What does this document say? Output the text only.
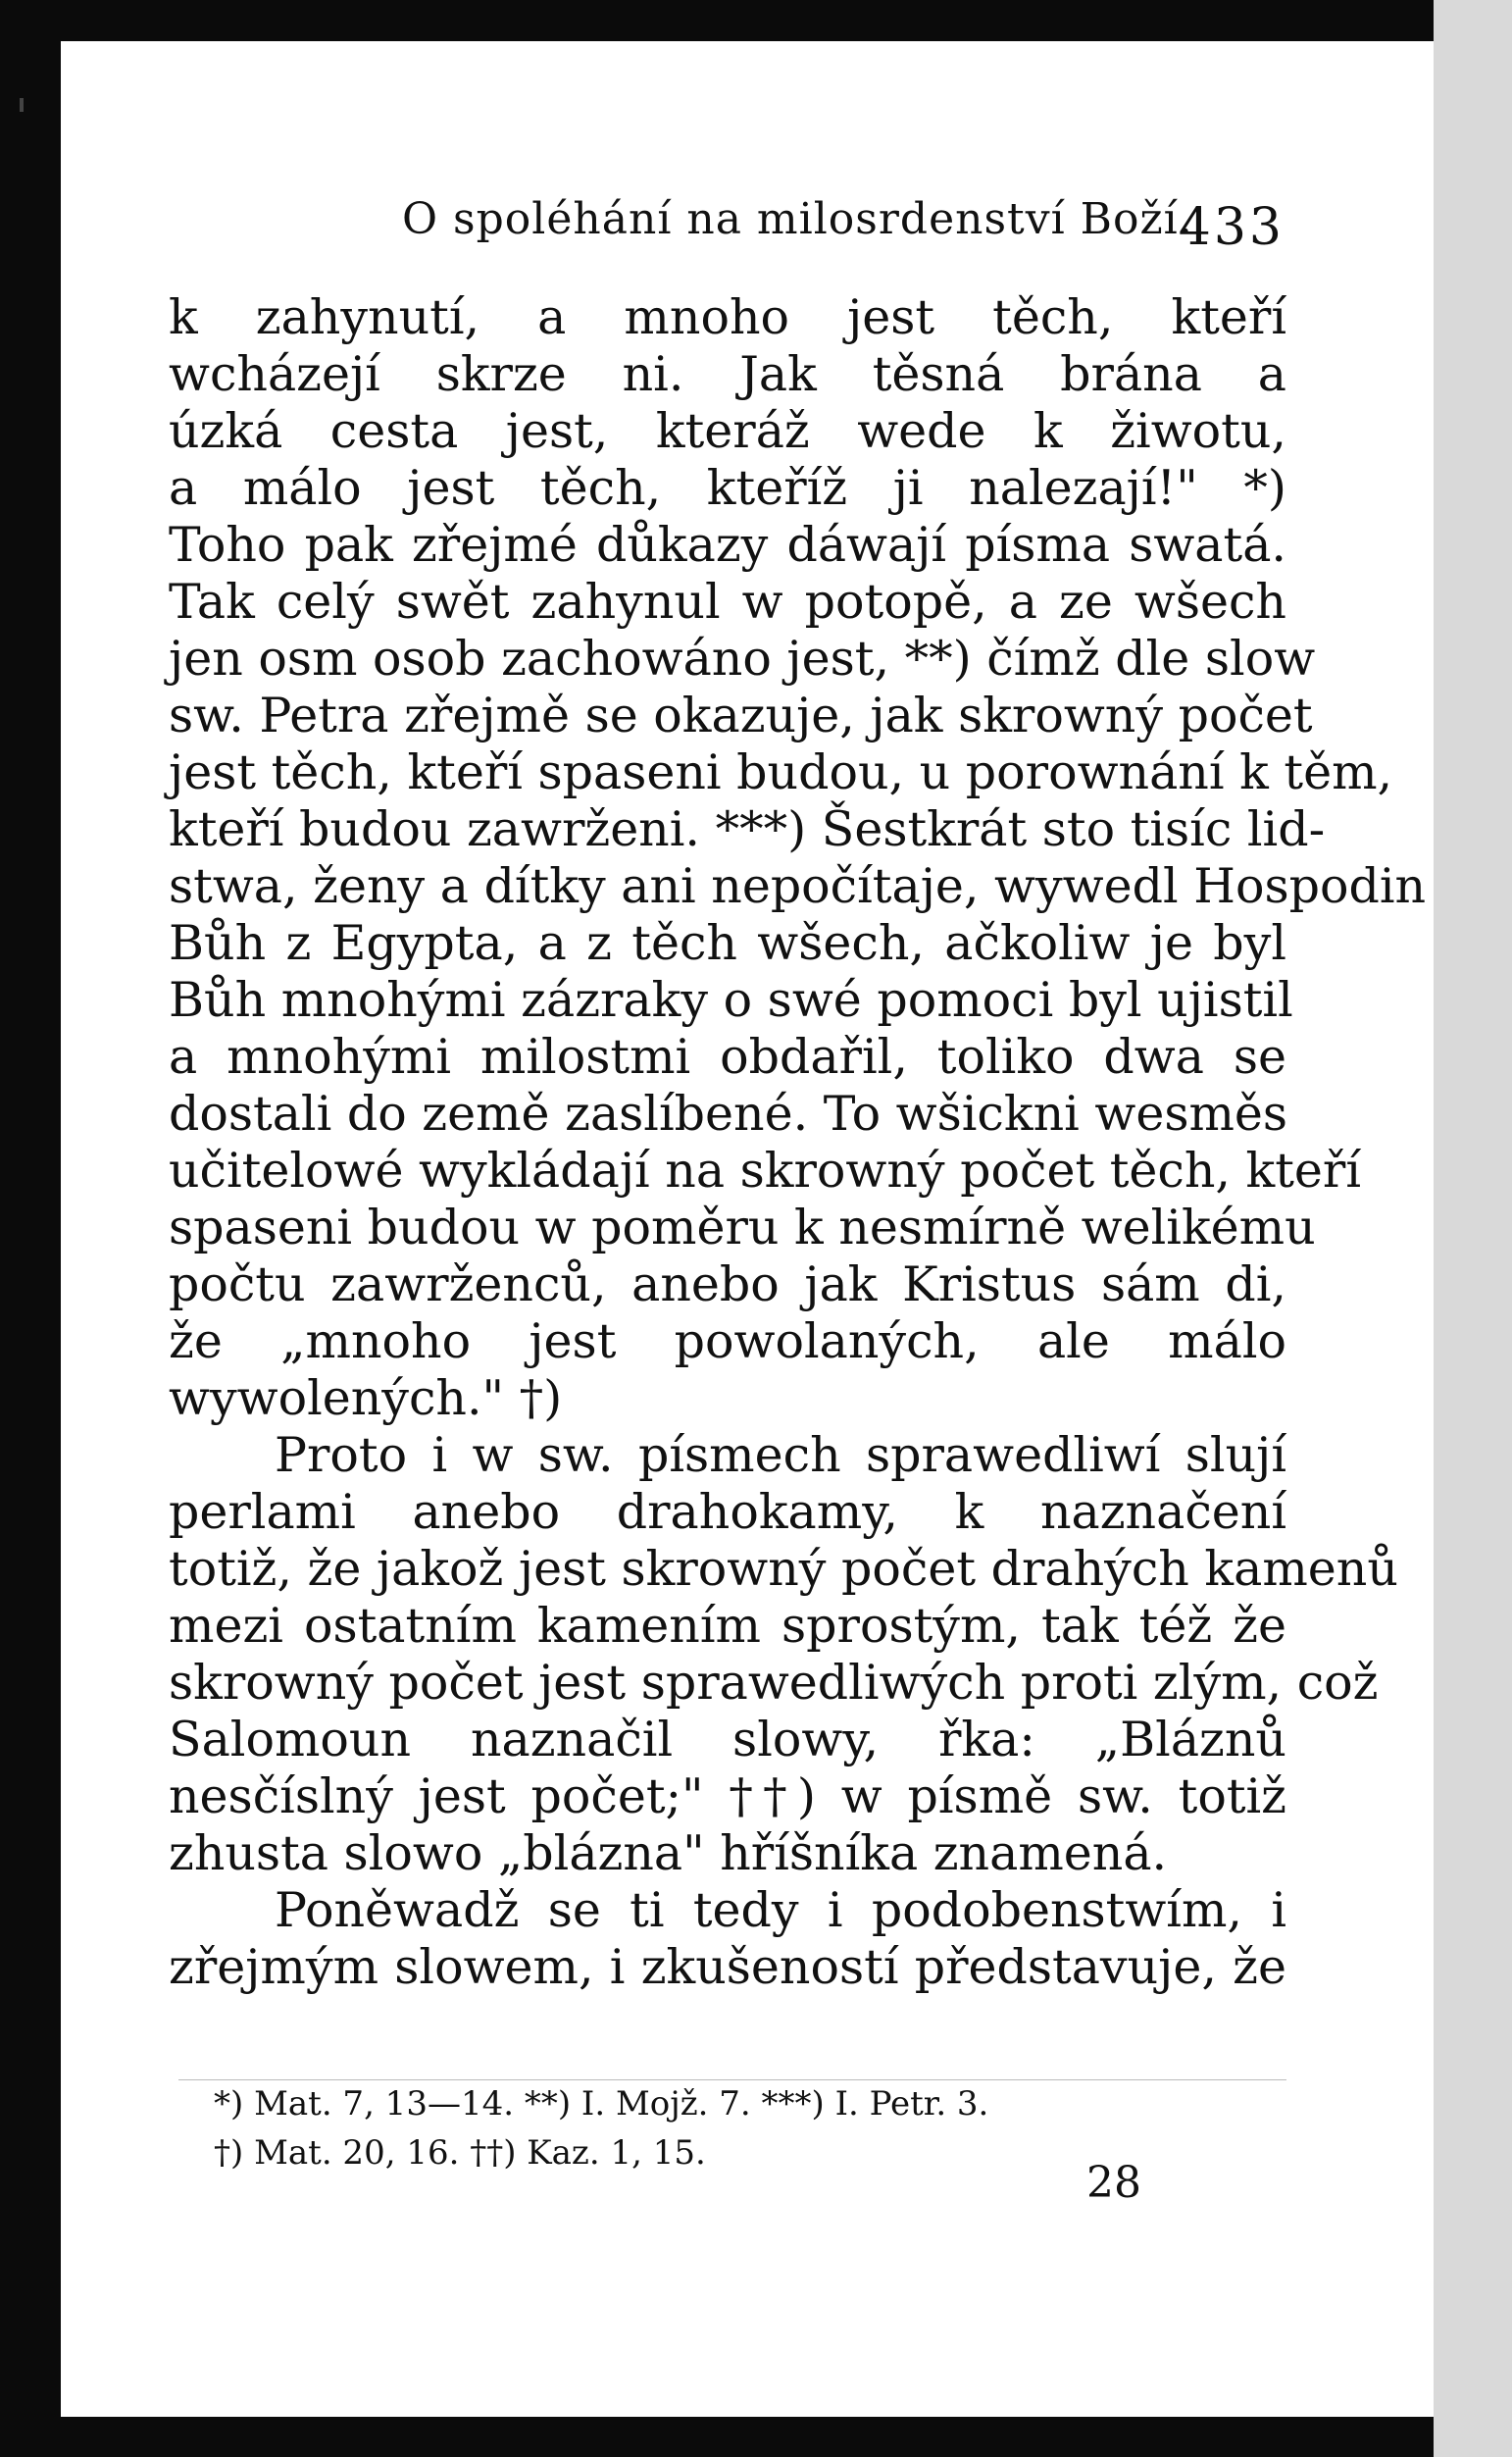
O spoléhání na milosrdenství Boží.
433
k zahynutí, a mnoho jest těch, kteří
wcházejí skrze ni. Jak těsná brána a
úzká cesta jest, kteráž wede k žiwotu,
a málo jest těch, kteříž ji nalezají!" *)
Toho pak zřejmé důkazy dáwají písma swatá.
Tak celý swět zahynul w potopě, a ze wšech
jen osm osob zachowáno jest, **) čímž dle slow
sw. Petra zřejmě se okazuje, jak skrowný počet
jest těch, kteří spaseni budou, u porownání k těm,
kteří budou zawrženi. ***) Šestkrát sto tisíc lid-
stwa, ženy a dítky ani nepočítaje, wywedl Hospodin
Bůh z Egypta, a z těch wšech, ačkoliw je byl
Bůh mnohými zázraky o swé pomoci byl ujistil
a mnohými milostmi obdařil, toliko dwa se
dostali do země zaslíbené. To wšickni wesměs
učitelowé wykládají na skrowný počet těch, kteří
spaseni budou w poměru k nesmírně welikému
počtu zawrženců, anebo jak Kristus sám di,
že „mnoho jest powolaných, ale málo
wywolených." †)
Proto i w sw. písmech sprawedliwí slují
perlami anebo drahokamy, k naznačení
totiž, že jakož jest skrowný počet drahých kamenů
mezi ostatním kamením sprostým, tak též že
skrowný počet jest sprawedliwých proti zlým, což
Salomoun naznačil slowy, řka: „Bláznů
nesčíslný jest počet;" ††) w písmě sw. totiž
zhusta slowo „blázna" hříšníka znamená.
Poněwadž se ti tedy i podobenstwím, i
zřejmým slowem, i zkušeností představuje, že
*) Mat. 7, 13—14. **) I. Mojž. 7. ***) I. Petr. 3.
†) Mat. 20, 16. ††) Kaz. 1, 15.
28
